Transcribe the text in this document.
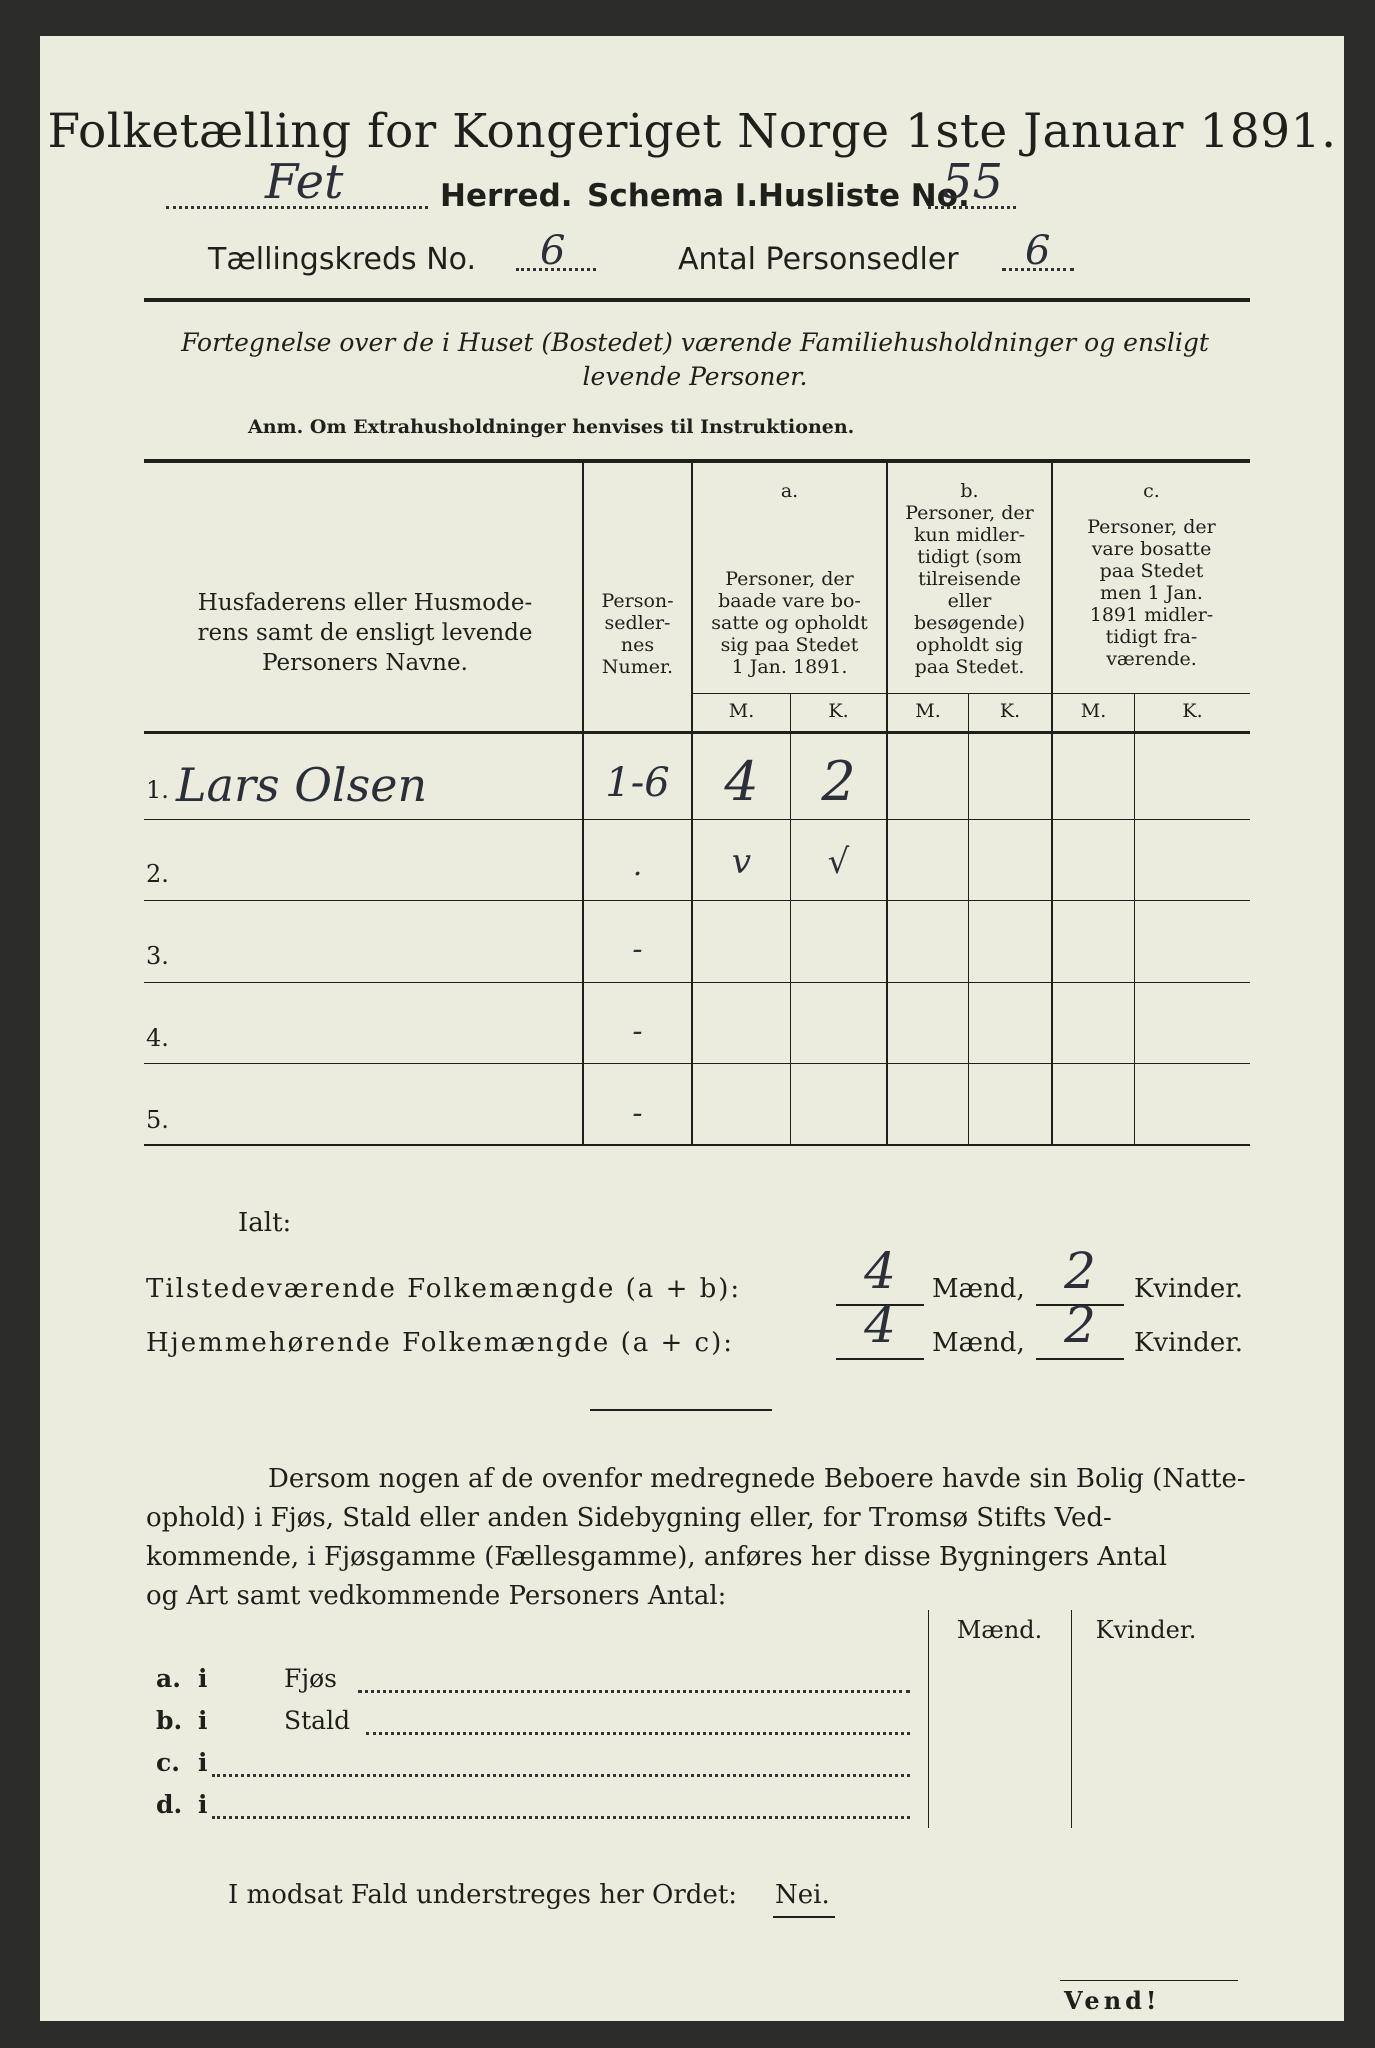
Folketælling for Kongeriget Norge 1ste Januar 1891.
Fet	Herred. Schema I. Husliste No.
55
Tællingskreds No. 6	Antal Personsedler 6
Fortegnelse over de i Huset (Bostedet) værende Familiehusholdninger og ensligt
levende Personer.
Anm. Om Extrahusholdninger henvises til Instruktionen.
Husfaderens eller Husmode-
rens samt de ensligt levende
Personers Navne.
Person-
sedler-
nes
Numer.
a.
Personer, der
baade vare bo-
satte og opholdt
sig paa Stedet
1 Jan. 1891.
b.
Personer, der
kun midler-
tidigt (som
tilreisende
eller
besøgende)
opholdt sig
paa Stedet.
c.
Personer, der
vare bosatte
paa Stedet
men 1 Jan.
1891 midler-
tidigt fra-
værende.
M.	K.	M.	K.	M.	K.
1. Lars Olsen	1-6	4	2
2.	.	v	√
3.	-
4.	-
5.	-
Ialt:
Tilstedeværende Folkemængde (a + b):	4	Mænd, 2	Kvinder.
Hjemmehørende Folkemængde (a + c):	4	Mænd, 2	Kvinder.
Dersom nogen af de ovenfor medregnede Beboere havde sin Bolig (Natte-
ophold) i Fjøs, Stald eller anden Sidebygning eller, for Tromsø Stifts Ved-
kommende, i Fjøsgamme (Fællesgamme), anføres her disse Bygningers Antal
og Art samt vedkommende Personers Antal:
Mænd.	Kvinder.
a. i	Fjøs
b. i	Stald
c. i
d. i
I modsat Fald understreges her Ordet: Nei.
Vend!
